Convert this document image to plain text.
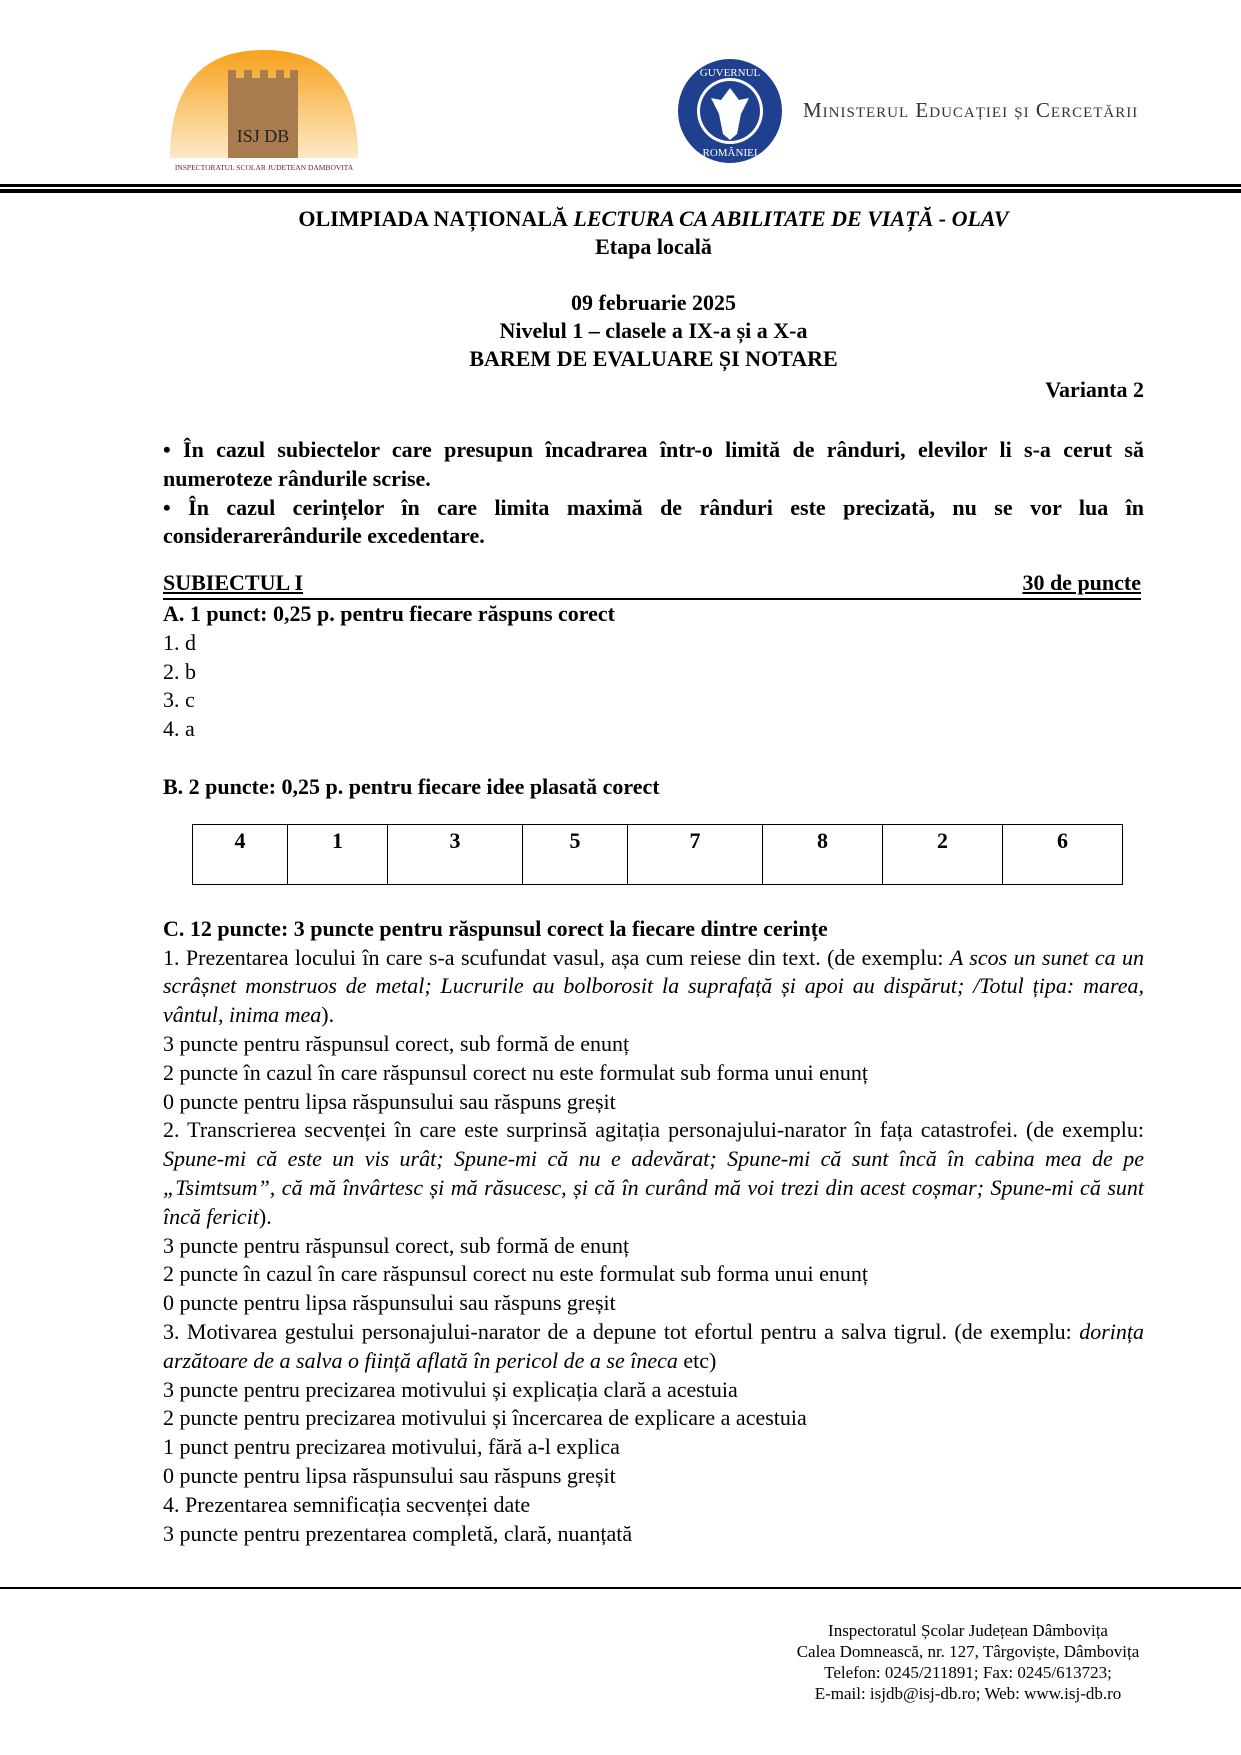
ISJ DB
INSPECTORATUL SCOLAR JUDETEAN DAMBOVITA
GUVERNUL
ROMÂNIEI
Ministerul Educației și Cercetării
OLIMPIADA NAȚIONALĂ LECTURA CA ABILITATE DE VIAȚĂ - OLAV
Etapa locală
09 februarie 2025
Nivelul 1 – clasele a IX-a și a X-a
BAREM DE EVALUARE ȘI NOTARE
Varianta 2
• În cazul subiectelor care presupun încadrarea într-o limită de rânduri, elevilor li s-a cerut să numeroteze rândurile scrise.
• În cazul cerințelor în care limita maximă de rânduri este precizată, nu se vor lua în considerarerândurile excedentare.
SUBIECTUL I	30 de puncte
A. 1 punct: 0,25 p. pentru fiecare răspuns corect
1. d
2. b
3. c
4. a
B. 2 puncte: 0,25 p. pentru fiecare idee plasată corect
4	1	3	5	7	8	2	6
C. 12 puncte: 3 puncte pentru răspunsul corect la fiecare dintre cerințe
1. Prezentarea locului în care s-a scufundat vasul, așa cum reiese din text. (de exemplu: A scos un sunet ca un scrâșnet monstruos de metal; Lucrurile au bolborosit la suprafață și apoi au dispărut; /Totul țipa: marea, vântul, inima mea).
3 puncte pentru răspunsul corect, sub formă de enunț
2 puncte în cazul în care răspunsul corect nu este formulat sub forma unui enunț
0 puncte pentru lipsa răspunsului sau răspuns greșit
2. Transcrierea secvenței în care este surprinsă agitația personajului-narator în fața catastrofei. (de exemplu: Spune-mi că este un vis urât; Spune-mi că nu e adevărat; Spune-mi că sunt încă în cabina mea de pe „Tsimtsum”, că mă învârtesc și mă răsucesc, și că în curând mă voi trezi din acest coșmar; Spune-mi că sunt încă fericit).
3 puncte pentru răspunsul corect, sub formă de enunț
2 puncte în cazul în care răspunsul corect nu este formulat sub forma unui enunț
0 puncte pentru lipsa răspunsului sau răspuns greșit
3. Motivarea gestului personajului-narator de a depune tot efortul pentru a salva tigrul. (de exemplu: dorința arzătoare de a salva o ființă aflată în pericol de a se îneca etc)
3 puncte pentru precizarea motivului și explicația clară a acestuia
2 puncte pentru precizarea motivului și încercarea de explicare a acestuia
1 punct pentru precizarea motivului, fără a-l explica
0 puncte pentru lipsa răspunsului sau răspuns greșit
4. Prezentarea semnificația secvenței date
3 puncte pentru prezentarea completă, clară, nuanțată
Inspectoratul Școlar Județean Dâmbovița
Calea Domnească, nr. 127, Târgoviște, Dâmbovița
Telefon: 0245/211891; Fax: 0245/613723;
E-mail: isjdb@isj-db.ro; Web: www.isj-db.ro
